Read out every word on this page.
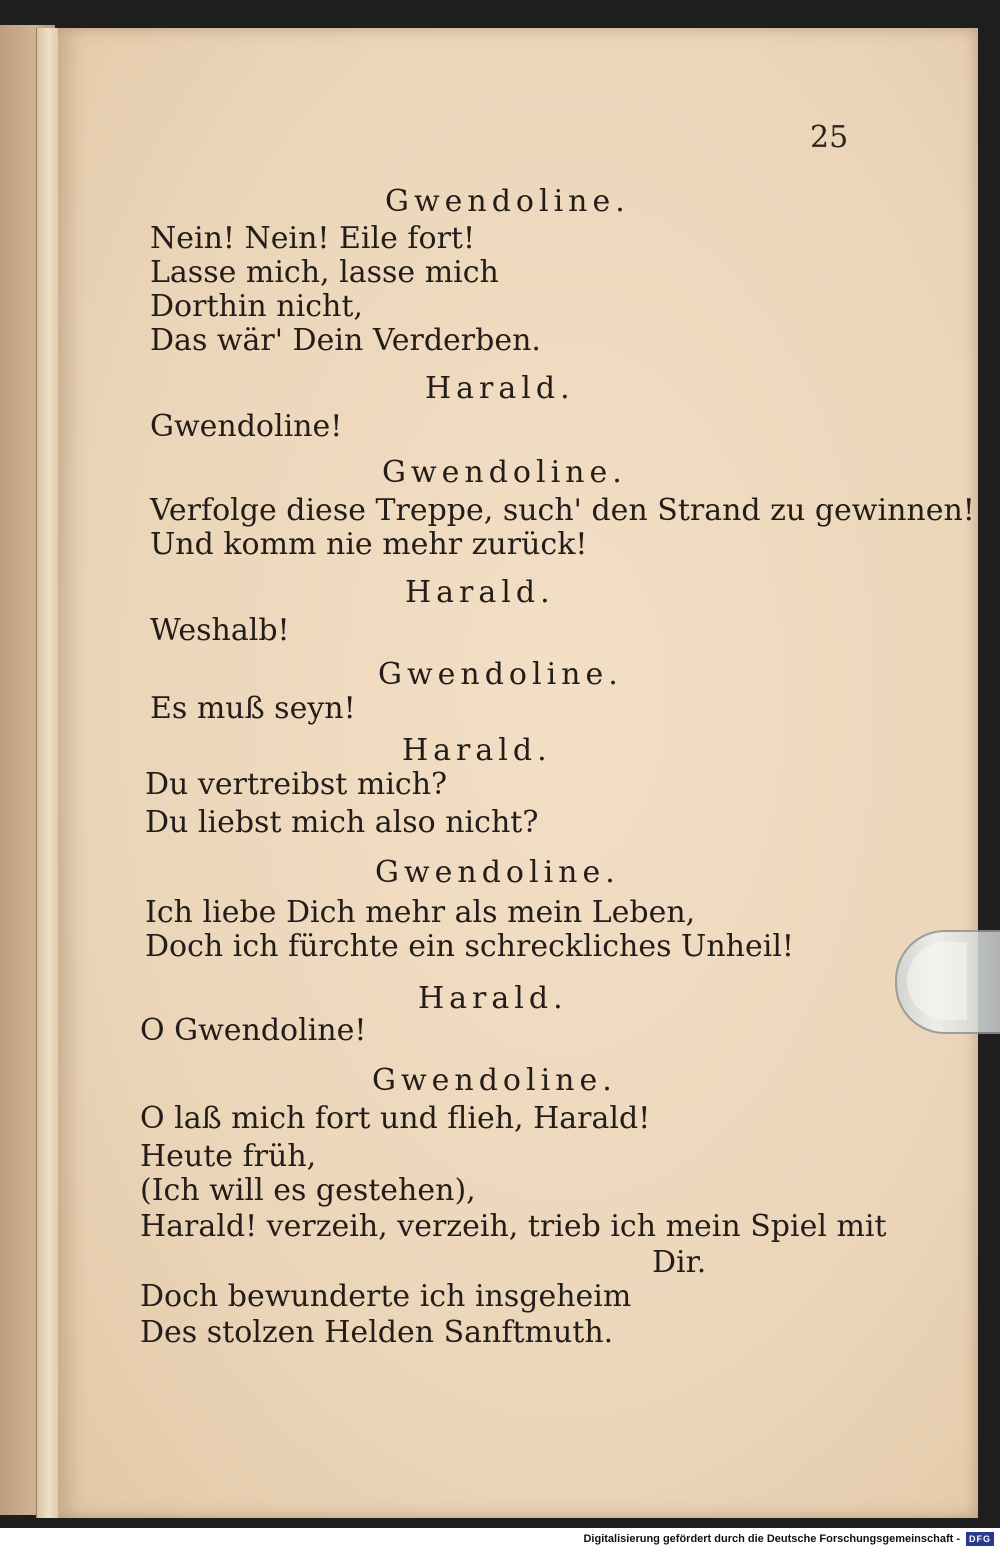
25
Gwendoline.
Nein! Nein! Eile fort!
Lasse mich, lasse mich
Dorthin nicht,
Das wär' Dein Verderben.
Harald.
Gwendoline!
Gwendoline.
Verfolge diese Treppe, such' den Strand zu gewinnen!
Und komm nie mehr zurück!
Harald.
Weshalb!
Gwendoline.
Es muß seyn!
Harald.
Du vertreibst mich?
Du liebst mich also nicht?
Gwendoline.
Ich liebe Dich mehr als mein Leben,
Doch ich fürchte ein schreckliches Unheil!
Harald.
O Gwendoline!
Gwendoline.
O laß mich fort und flieh, Harald!
Heute früh,
(Ich will es gestehen),
Harald! verzeih, verzeih, trieb ich mein Spiel mit
Dir.
Doch bewunderte ich insgeheim
Des stolzen Helden Sanftmuth.
Digitalisierung gefördert durch die Deutsche Forschungsgemeinschaft -	DFG
